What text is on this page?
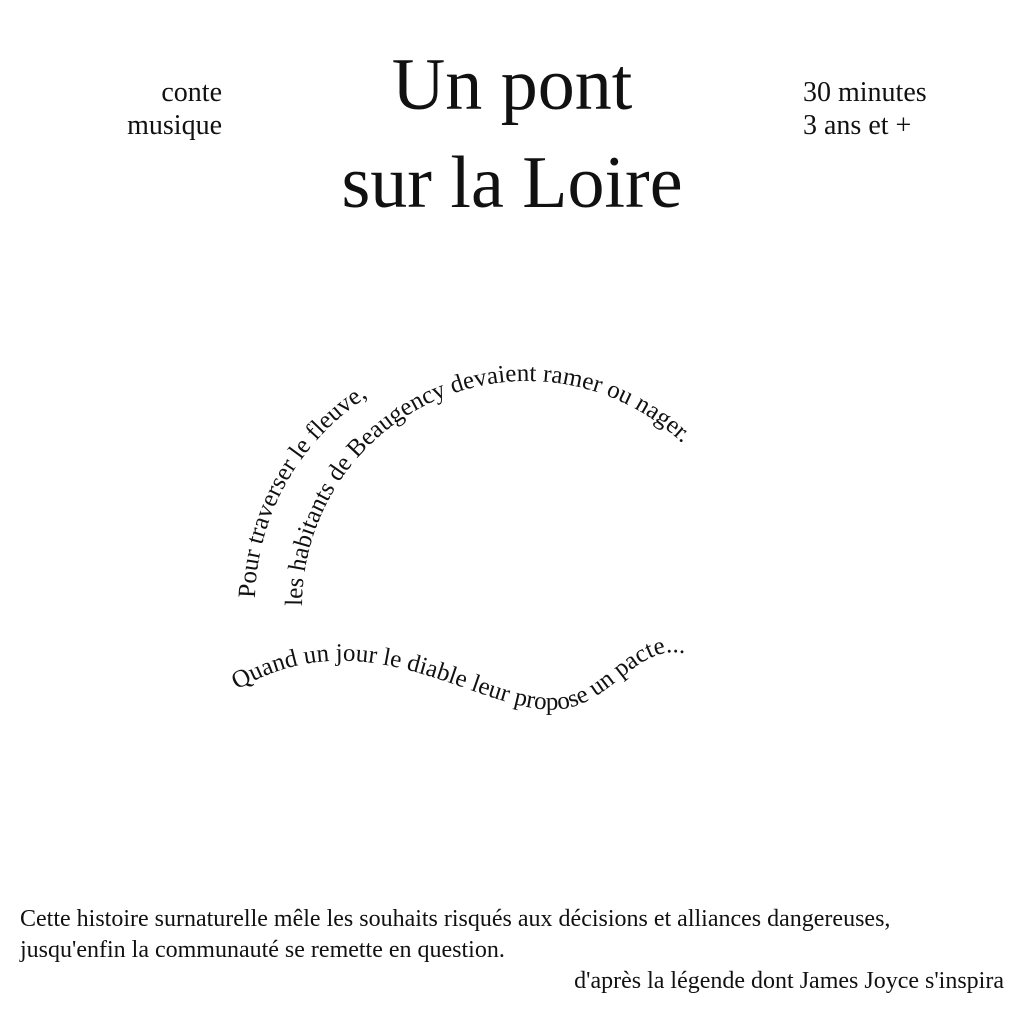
conte
musique	Un pont
sur la Loire
30 minutes
3 ans et +
Pour traverser le fleuve,
les habitants de Beaugency devaient ramer ou nager.
Quand un jour le diable leur propose un pacte...
Cette histoire surnaturelle mêle les souhaits risqués aux décisions et alliances dangereuses,
jusqu'enfin la communauté se remette en question.
d'après la légende dont James Joyce s'inspira
